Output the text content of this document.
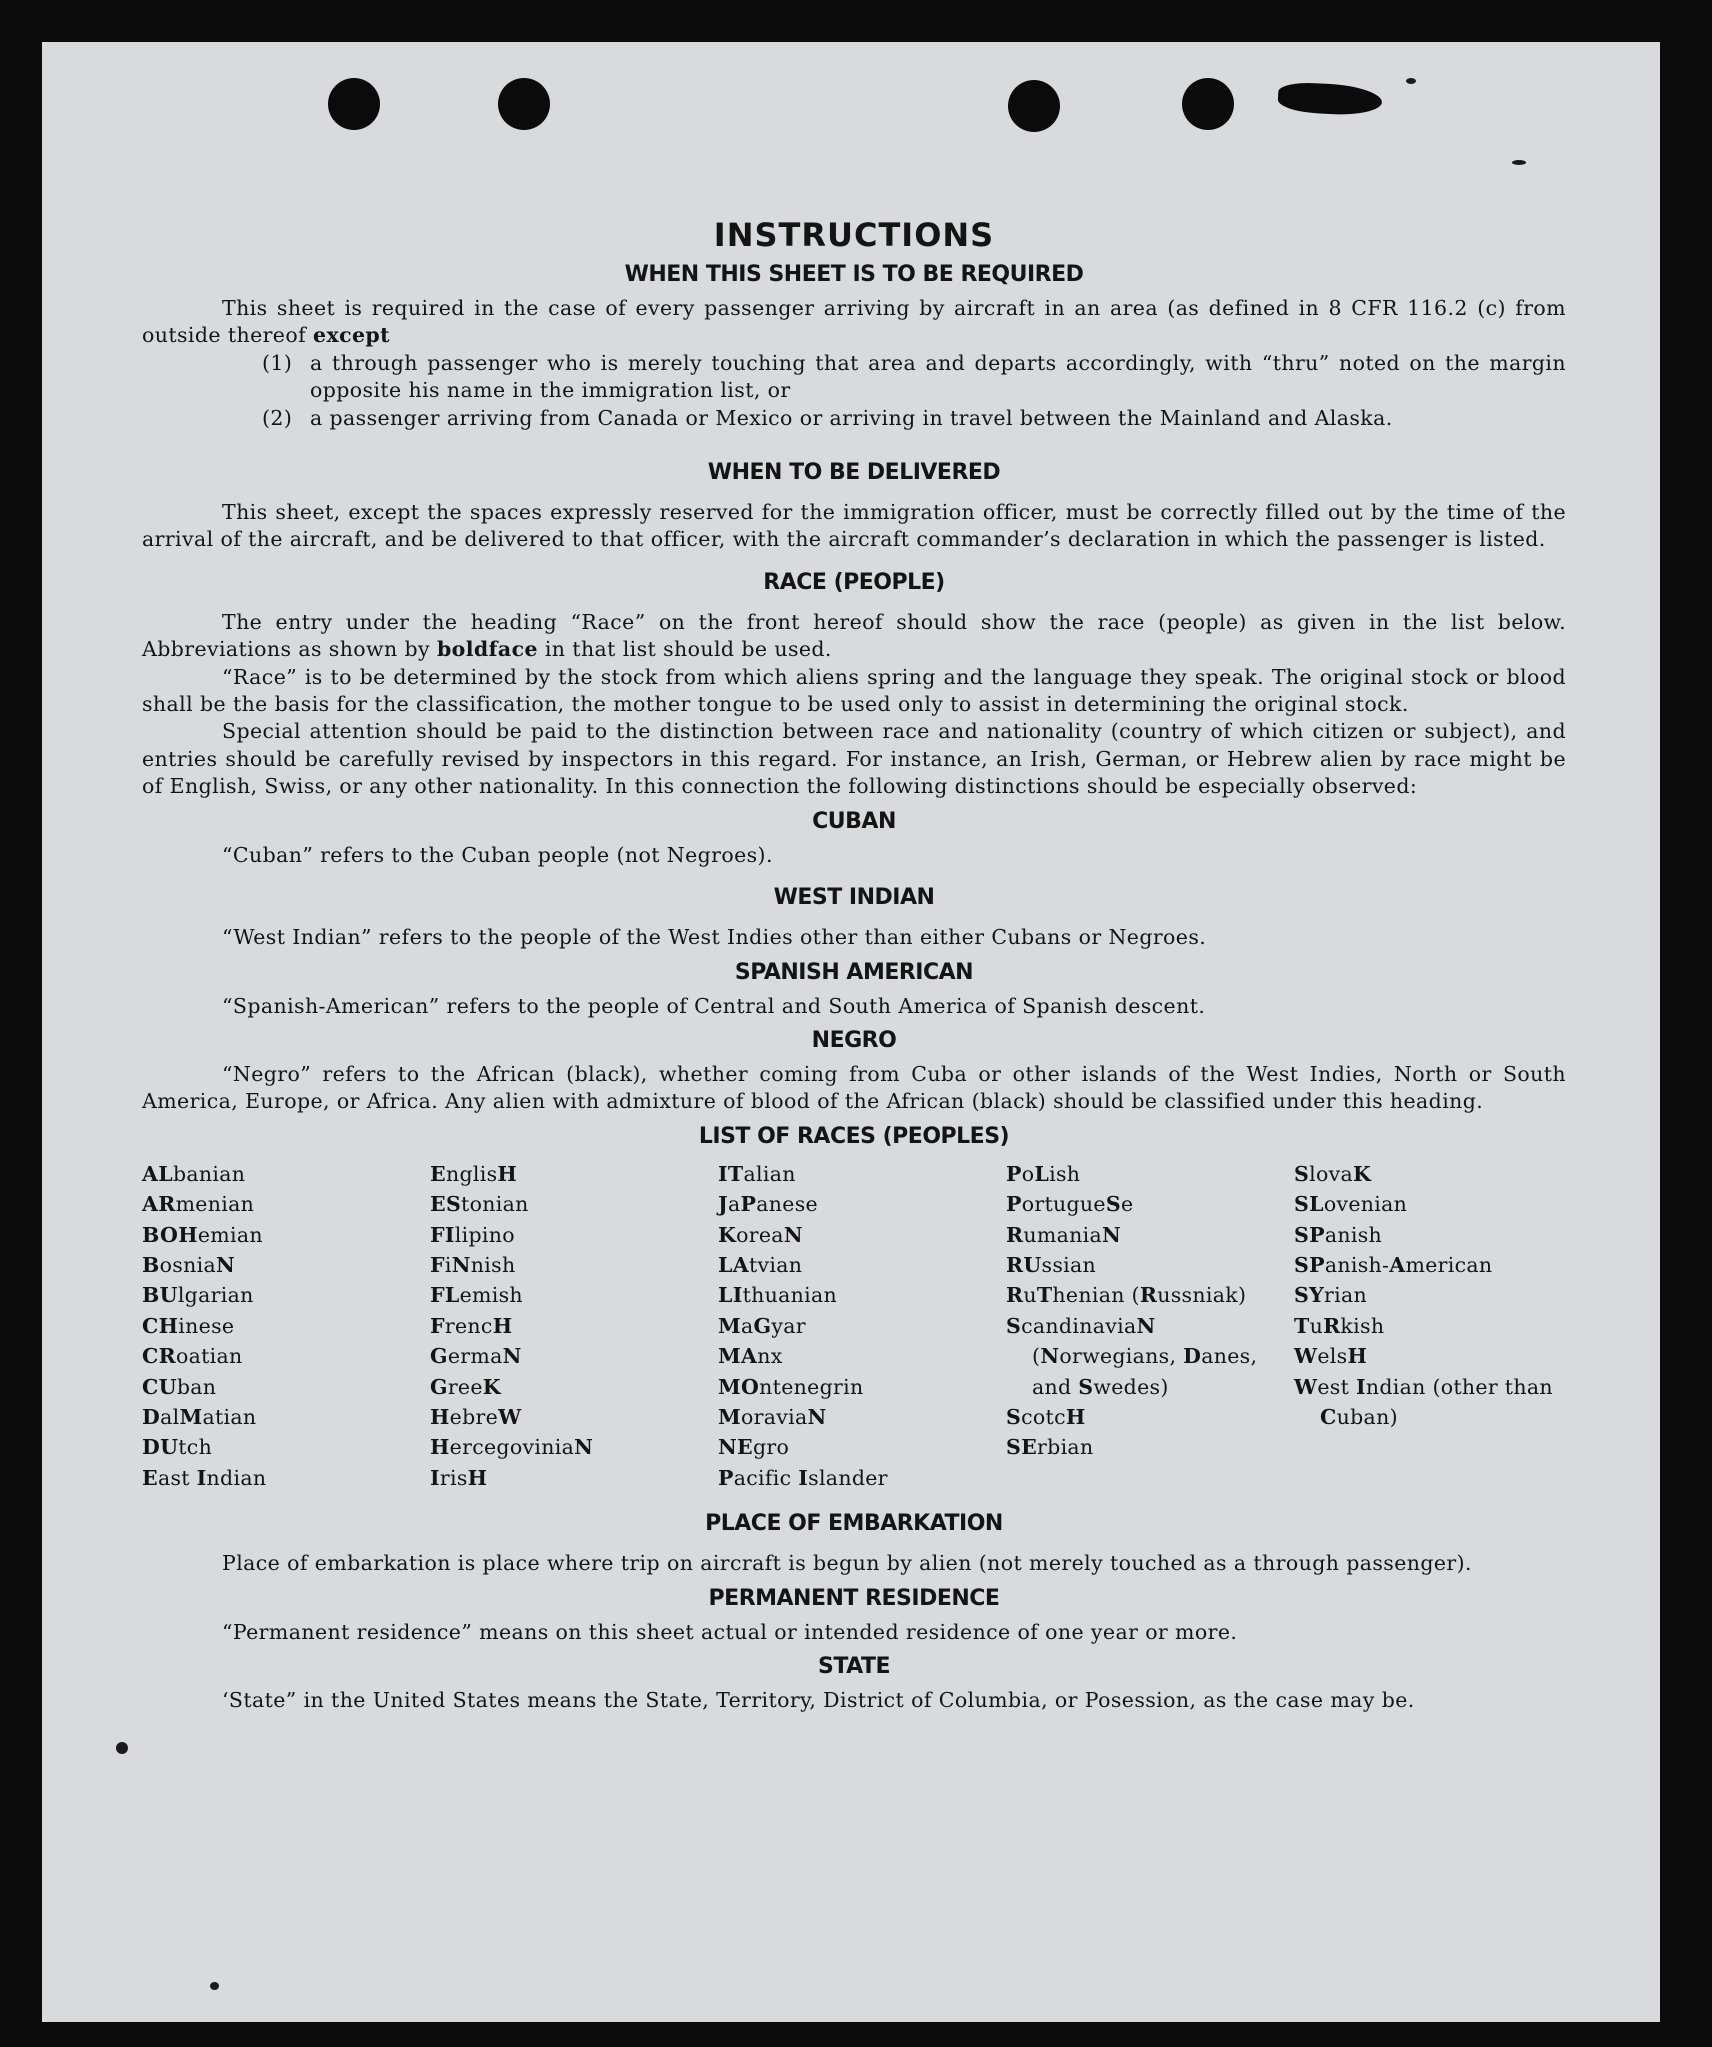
INSTRUCTIONS
WHEN THIS SHEET IS TO BE REQUIRED

This sheet is required in the case of every passenger arriving by aircraft in an area (as defined in 8 CFR 116.2 (c) from outside thereof except

(1) a through passenger who is merely touching that area and departs accordingly, with “thru” noted on the margin opposite his name in the immigration list, or
(2) a passenger arriving from Canada or Mexico or arriving in travel between the Mainland and Alaska.
WHEN TO BE DELIVERED

This sheet, except the spaces expressly reserved for the immigration officer, must be correctly filled out by the time of the arrival of the aircraft, and be delivered to that officer, with the aircraft commander’s declaration in which the passenger is listed.

RACE (PEOPLE)

The entry under the heading “Race” on the front hereof should show the race (people) as given in the list below. Abbreviations as shown by boldface in that list should be used.

“Race” is to be determined by the stock from which aliens spring and the language they speak. The original stock or blood shall be the basis for the classification, the mother tongue to be used only to assist in determining the original stock.

Special attention should be paid to the distinction between race and nationality (country of which citizen or subject), and entries should be carefully revised by inspectors in this regard. For instance, an Irish, German, or Hebrew alien by race might be of English, Swiss, or any other nationality. In this connection the following distinctions should be especially observed:

CUBAN

“Cuban” refers to the Cuban people (not Negroes).

WEST INDIAN

“West Indian” refers to the people of the West Indies other than either Cubans or Negroes.

SPANISH AMERICAN

“Spanish-American” refers to the people of Central and South America of Spanish descent.

NEGRO

“Negro” refers to the African (black), whether coming from Cuba or other islands of the West Indies, North or South America, Europe, or Africa. Any alien with admixture of blood of the African (black) should be classified under this heading.

LIST OF RACES (PEOPLES)
ALbanian
ARmenian
BOHemian
BosniaN
BUlgarian
CHinese
CRoatian
CUban
DalMatian
DUtch
East Indian
EnglisH
EStonian
FIlipino
FiNnish
FLemish
FrencH
GermaN
GreeK
HebreW
HercegoviniaN
IrisH
ITalian
JaPanese
KoreaN
LAtvian
LIthuanian
MaGyar
MAnx
MOntenegrin
MoraviaN
NEgro
Pacific Islander
PoLish
PortugueSe
RumaniaN
RUssian
RuThenian (Russniak)
ScandinaviaN (Norwegians, Danes, and Swedes)
ScotcH
SErbian
SlovaK
SLovenian
SPanish
SPanish-American
SYrian
TuRkish
WelsH
West Indian (other than Cuban)
PLACE OF EMBARKATION

Place of embarkation is place where trip on aircraft is begun by alien (not merely touched as a through passenger).

PERMANENT RESIDENCE

“Permanent residence” means on this sheet actual or intended residence of one year or more.

STATE

‘State” in the United States means the State, Territory, District of Columbia, or Posession, as the case may be.
